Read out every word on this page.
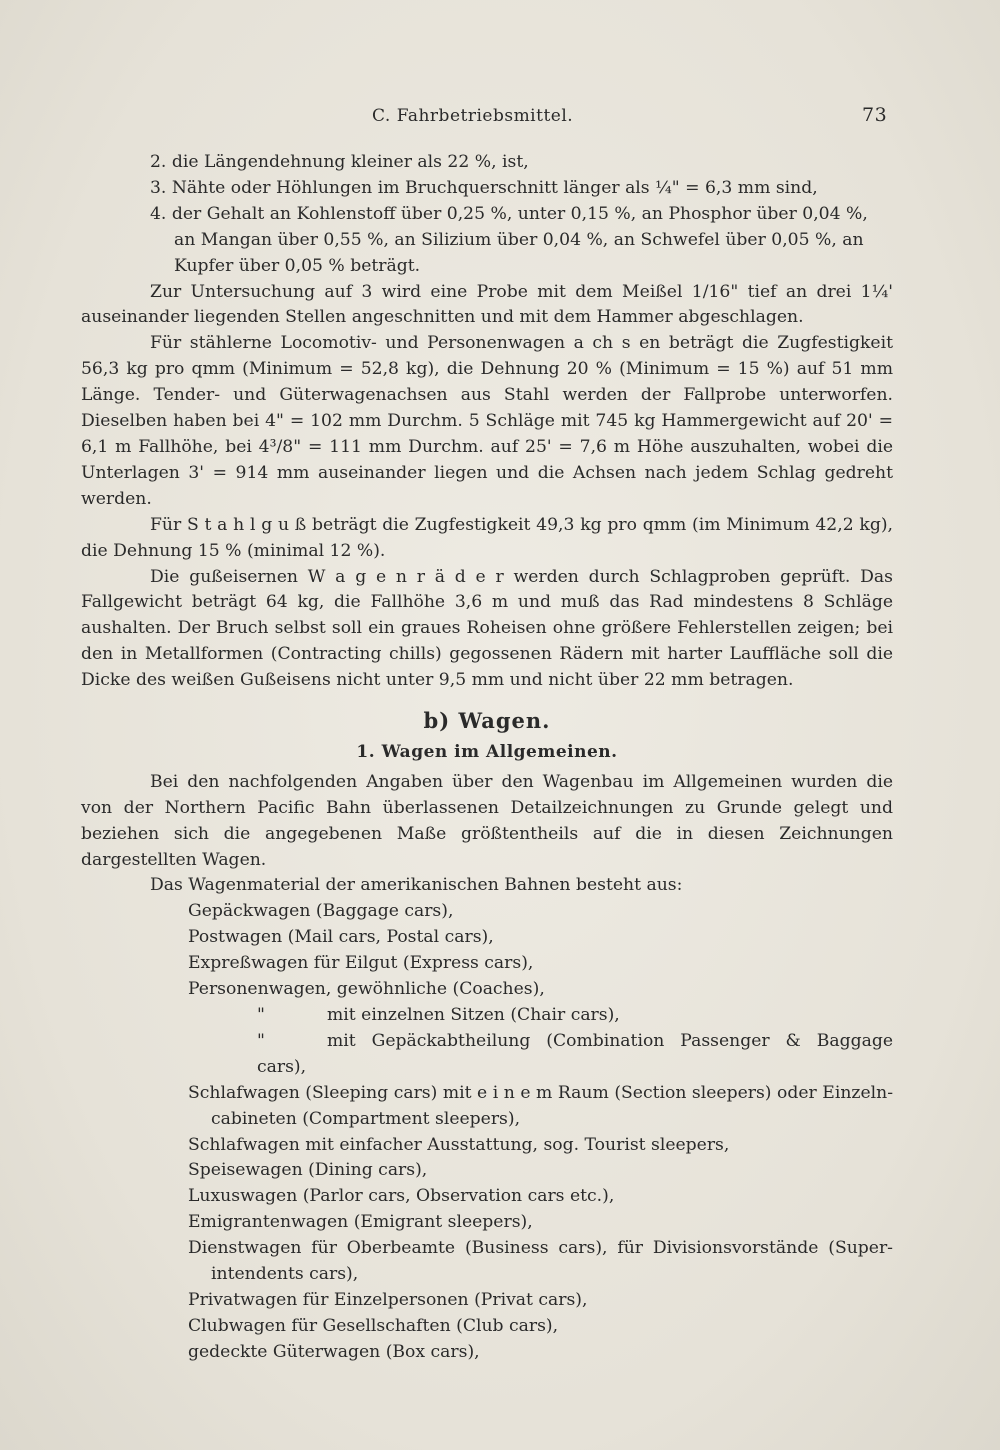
C. Fahrbetriebsmittel.	73

2. die Längendehnung kleiner als 22 %, ist,

3. Nähte oder Höhlungen im Bruchquerschnitt länger als ¼" = 6,3 mm sind,

4. der Gehalt an Kohlenstoff über 0,25 %, unter 0,15 %, an Phosphor über 0,04 %,

an Mangan über 0,55 %, an Silizium über 0,04 %, an Schwefel über 0,05 %, an

Kupfer über 0,05 % beträgt.

Zur Untersuchung auf 3 wird eine Probe mit dem Meißel 1/16" tief an drei 1¼' auseinander liegenden Stellen angeschnitten und mit dem Hammer abgeschlagen.

Für stählerne Locomotiv- und Personenwagen a ch s en beträgt die Zugfestigkeit 56,3 kg pro qmm (Minimum = 52,8 kg), die Dehnung 20 % (Minimum = 15 %) auf 51 mm Länge. Tender- und Güterwagenachsen aus Stahl werden der Fallprobe unterworfen. Dieselben haben bei 4" = 102 mm Durchm. 5 Schläge mit 745 kg Hammergewicht auf 20' = 6,1 m Fallhöhe, bei 4³/8" = 111 mm Durchm. auf 25' = 7,6 m Höhe auszuhalten, wobei die Unterlagen 3' = 914 mm auseinander liegen und die Achsen nach jedem Schlag gedreht werden.

Für S t a h l g u ß beträgt die Zugfestigkeit 49,3 kg pro qmm (im Minimum 42,2 kg), die Dehnung 15 % (minimal 12 %).

Die gußeisernen W a g e n r ä d e r werden durch Schlagproben geprüft. Das Fallgewicht beträgt 64 kg, die Fallhöhe 3,6 m und muß das Rad mindestens 8 Schläge aushalten. Der Bruch selbst soll ein graues Roheisen ohne größere Fehlerstellen zeigen; bei den in Metallformen (Contracting chills) gegossenen Rädern mit harter Lauffläche soll die Dicke des weißen Gußeisens nicht unter 9,5 mm und nicht über 22 mm betragen.

b) Wagen.
1. Wagen im Allgemeinen.

Bei den nachfolgenden Angaben über den Wagenbau im Allgemeinen wurden die von der Northern Pacific Bahn überlassenen Detailzeichnungen zu Grunde gelegt und beziehen sich die angegebenen Maße größtentheils auf die in diesen Zeichnungen dargestellten Wagen.

Das Wagenmaterial der amerikanischen Bahnen besteht aus:

Gepäckwagen (Baggage cars),

Postwagen (Mail cars, Postal cars),

Expreßwagen für Eilgut (Express cars),

Personenwagen, gewöhnliche (Coaches),

"	mit einzelnen Sitzen (Chair cars),

"	mit Gepäckabtheilung (Combination Passenger & Baggage cars),

Schlafwagen (Sleeping cars) mit e i n e m Raum (Section sleepers) oder Einzeln-cabineten (Compartment sleepers),

Schlafwagen mit einfacher Ausstattung, sog. Tourist sleepers,

Speisewagen (Dining cars),

Luxuswagen (Parlor cars, Observation cars etc.),

Emigrantenwagen (Emigrant sleepers),

Dienstwagen für Oberbeamte (Business cars), für Divisionsvorstände (Super-intendents cars),

Privatwagen für Einzelpersonen (Privat cars),

Clubwagen für Gesellschaften (Club cars),

gedeckte Güterwagen (Box cars),
